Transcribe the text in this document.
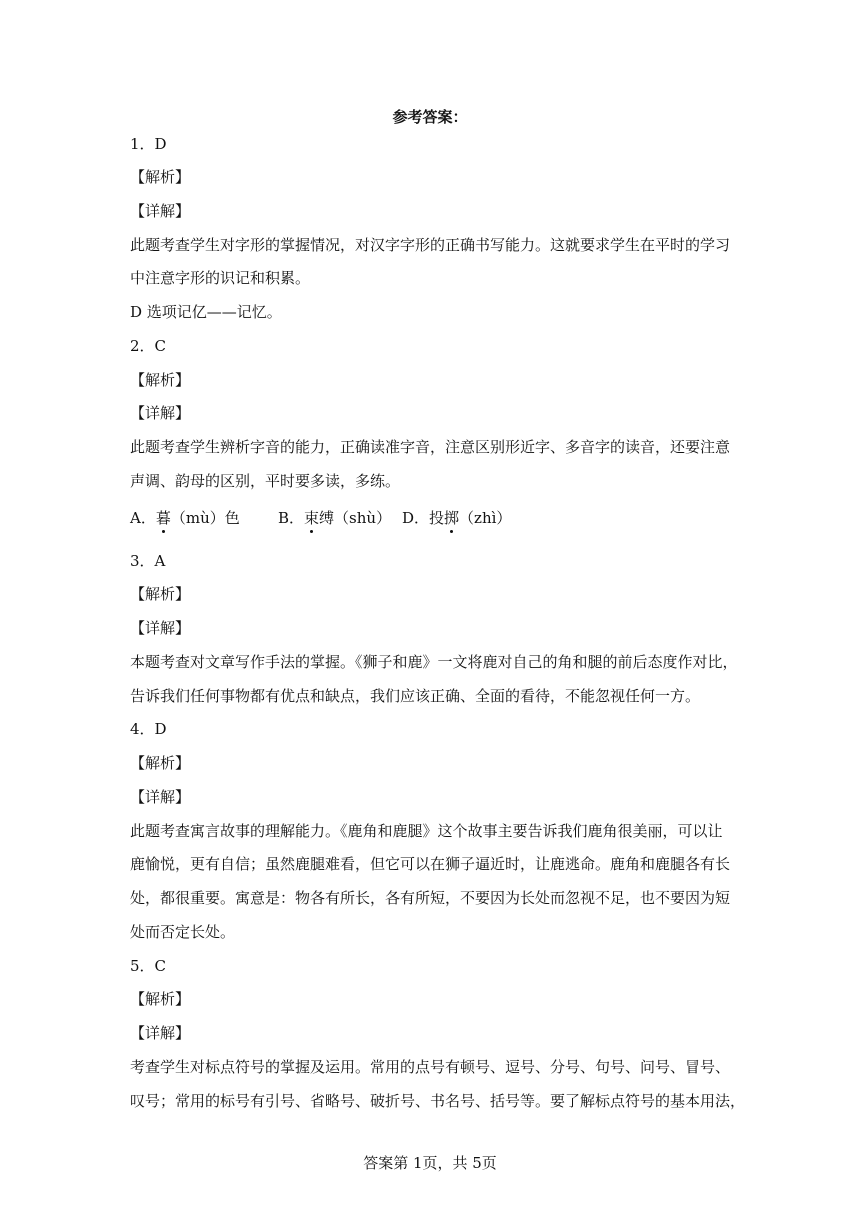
参考答案：
1．D
【解析】
【详解】
此题考查学生对字形的掌握情况，对汉字字形的正确书写能力。这就要求学生在平时的学习
中注意字形的识记和积累。
D 选项记亿——记忆。
2．C
【解析】
【详解】
此题考查学生辨析字音的能力，正确读准字音，注意区别形近字、多音字的读音，还要注意
声调、韵母的区别，平时要多读，多练。
A．暮（mù）色	B．束缚（shù） D．投掷（zhì）
3．A
【解析】
【详解】
本题考查对文章写作手法的掌握。《狮子和鹿》一文将鹿对自己的角和腿的前后态度作对比，
告诉我们任何事物都有优点和缺点，我们应该正确、全面的看待，不能忽视任何一方。
4．D
【解析】
【详解】
此题考查寓言故事的理解能力。《鹿角和鹿腿》这个故事主要告诉我们鹿角很美丽，可以让
鹿愉悦，更有自信；虽然鹿腿难看，但它可以在狮子逼近时，让鹿逃命。鹿角和鹿腿各有长
处，都很重要。寓意是：物各有所长，各有所短，不要因为长处而忽视不足，也不要因为短
处而否定长处。
5．C
【解析】
【详解】
考查学生对标点符号的掌握及运用。常用的点号有顿号、逗号、分号、句号、问号、冒号、
叹号；常用的标号有引号、省略号、破折号、书名号、括号等。要了解标点符号的基本用法，
答案第 1页，共 5页
